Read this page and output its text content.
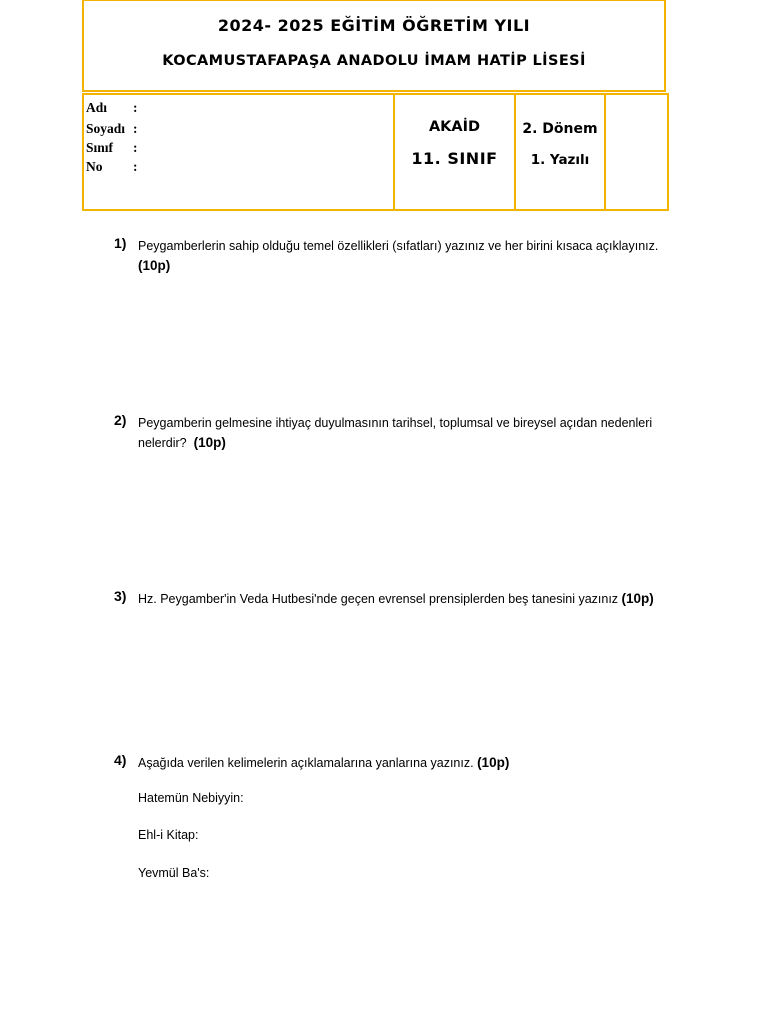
2024- 2025 EĞİTİM ÖĞRETİM YILI
KOCAMUSTAFAPAŞA ANADOLU İMAM HATİP LİSESİ
Adı	:
Soyadı :
Sınıf	:
No	:

AKAİD
11. SINIF

2. Dönem
1. Yazılı

1) Peygamberlerin sahip olduğu temel özellikleri (sıfatları) yazınız ve her birini kısaca açıklayınız.
(10p)
2) Peygamberin gelmesine ihtiyaç duyulmasının tarihsel, toplumsal ve bireysel açıdan nedenleri nelerdir? (10p)
3) Hz. Peygamber'in Veda Hutbesi'nde geçen evrensel prensiplerden beş tanesini yazınız (10p)
4) Aşağıda verilen kelimelerin açıklamalarına yanlarına yazınız. (10p)
Hatemün Nebiyyin:
Ehl-i Kitap:
Yevmül Ba's:
